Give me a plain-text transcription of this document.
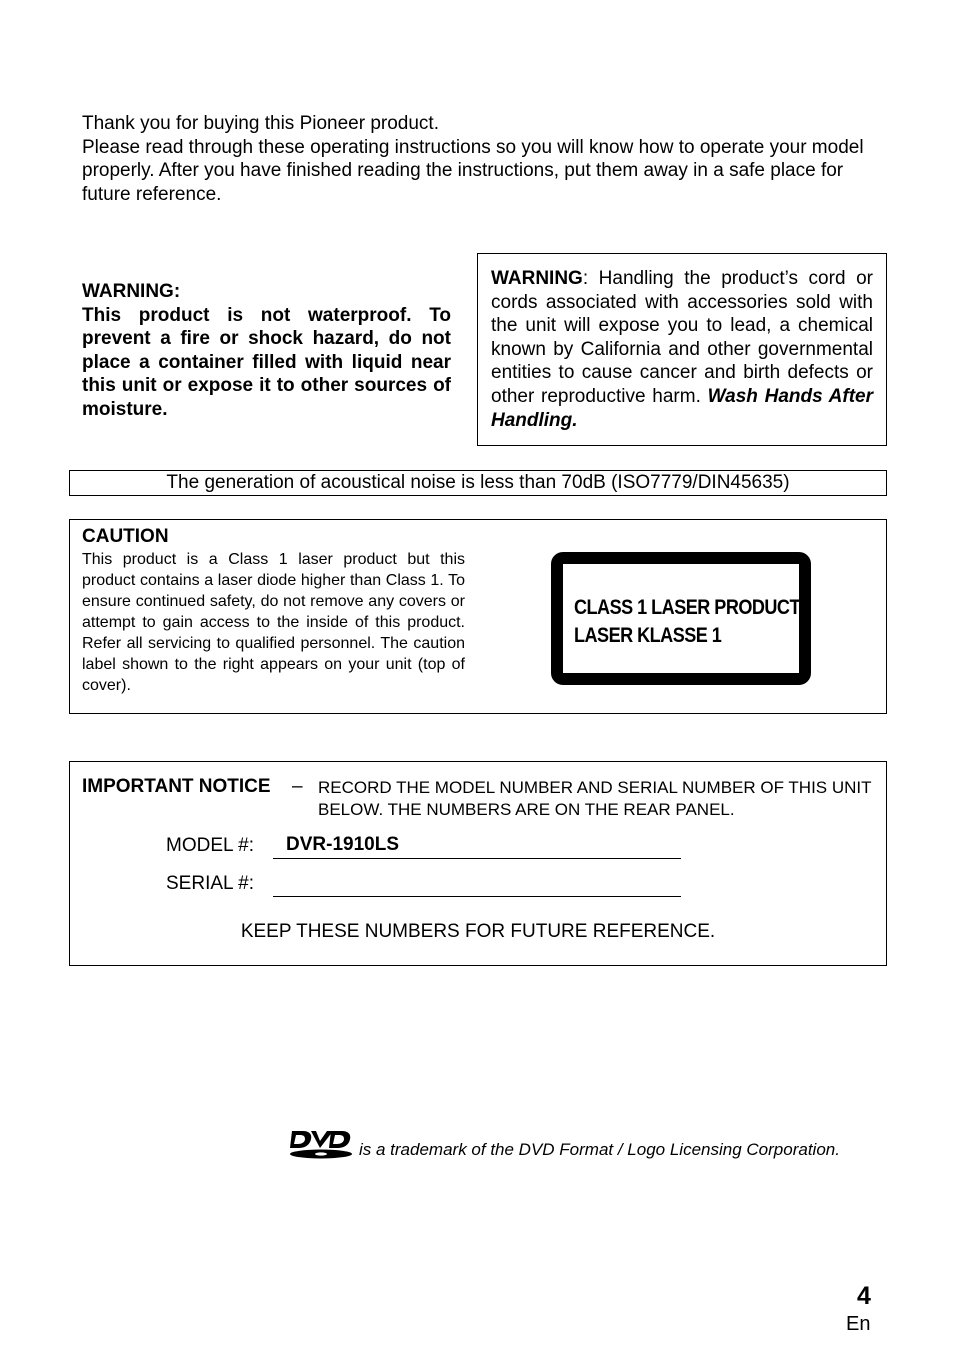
Thank you for buying this Pioneer product.

Please read through these operating instructions so you will know how to operate your model properly. After you have finished reading the instructions, put them away in a safe place for future reference.

WARNING:
This product is not waterproof. To prevent a fire or shock hazard, do not place a container filled with liquid near this unit or expose it to other sources of moisture.
WARNING: Handling the product’s cord or cords associated with accessories sold with the unit will expose you to lead, a chemical known by California and other governmental entities to cause cancer and birth defects or other reproductive harm. Wash Hands After Handling.
The generation of acoustical noise is less than 70dB (ISO7779/DIN45635)
CAUTION
This product is a Class 1 laser product but this product contains a laser diode higher than Class 1. To ensure continued safety, do not remove any covers or attempt to gain access to the inside of this product. Refer all servicing to qualified personnel. The caution label shown to the right appears on your unit (top of cover).
CLASS 1 LASER PRODUCT
LASER KLASSE 1
IMPORTANT NOTICE – RECORD THE MODEL NUMBER AND SERIAL NUMBER OF THIS UNIT BELOW. THE NUMBERS ARE ON THE REAR PANEL.
MODEL #: DVR-1910LS
SERIAL #:
KEEP THESE NUMBERS FOR FUTURE REFERENCE.
is a trademark of the DVD Format / Logo Licensing Corporation.
4
En
